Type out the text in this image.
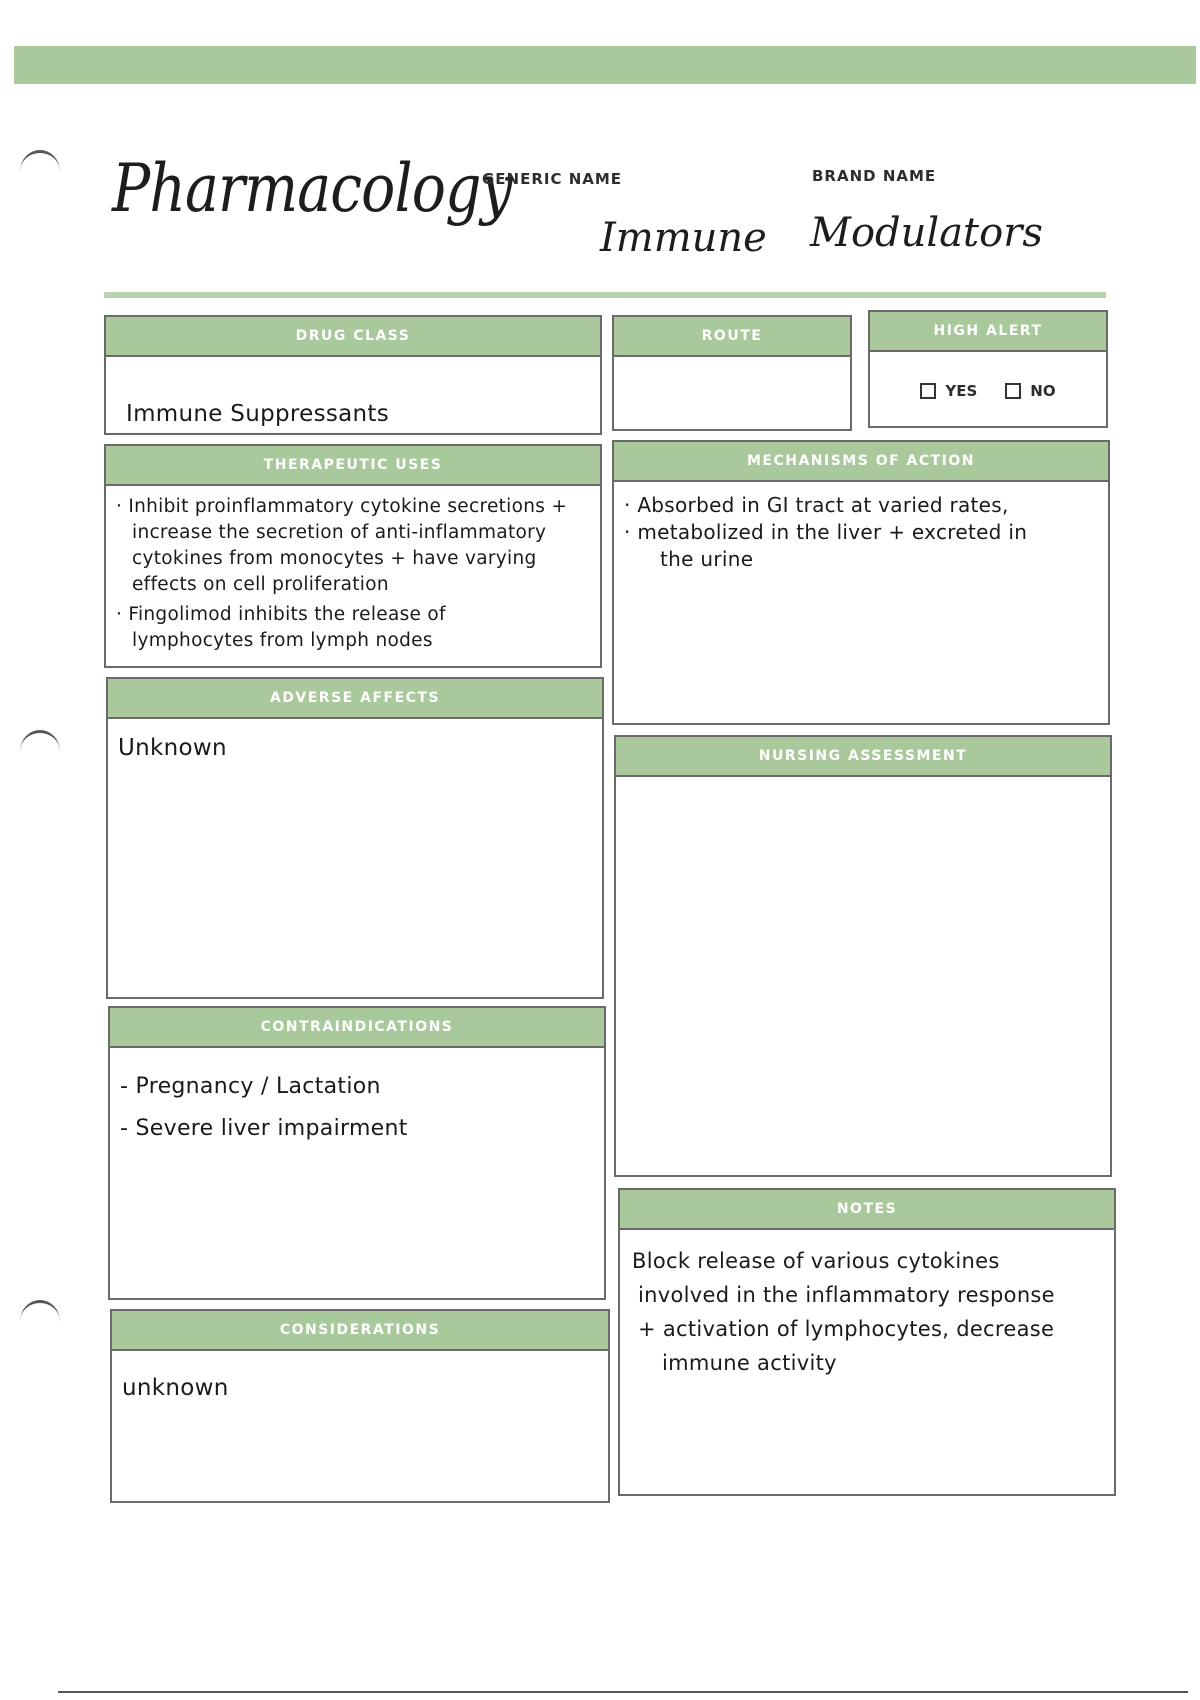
Pharmacology
GENERIC NAME
Immune
BRAND NAME
Modulators
DRUG CLASS
Immune Suppressants
ROUTE	HIGH ALERT
YES	NO
THERAPEUTIC USES
· Inhibit proinflammatory cytokine secretions +
increase the secretion of anti-inflammatory
cytokines from monocytes + have varying
effects on cell proliferation
· Fingolimod inhibits the release of
lymphocytes from lymph nodes
MECHANISMS OF ACTION
· Absorbed in GI tract at varied rates,
· metabolized in the liver + excreted in
the urine
ADVERSE AFFECTS
Unknown	NURSING ASSESSMENT
CONTRAINDICATIONS
- Pregnancy / Lactation
- Severe liver impairment
NOTES
Block release of various cytokines
involved in the inflammatory response
+ activation of lymphocytes, decrease
immune activity
CONSIDERATIONS
unknown
